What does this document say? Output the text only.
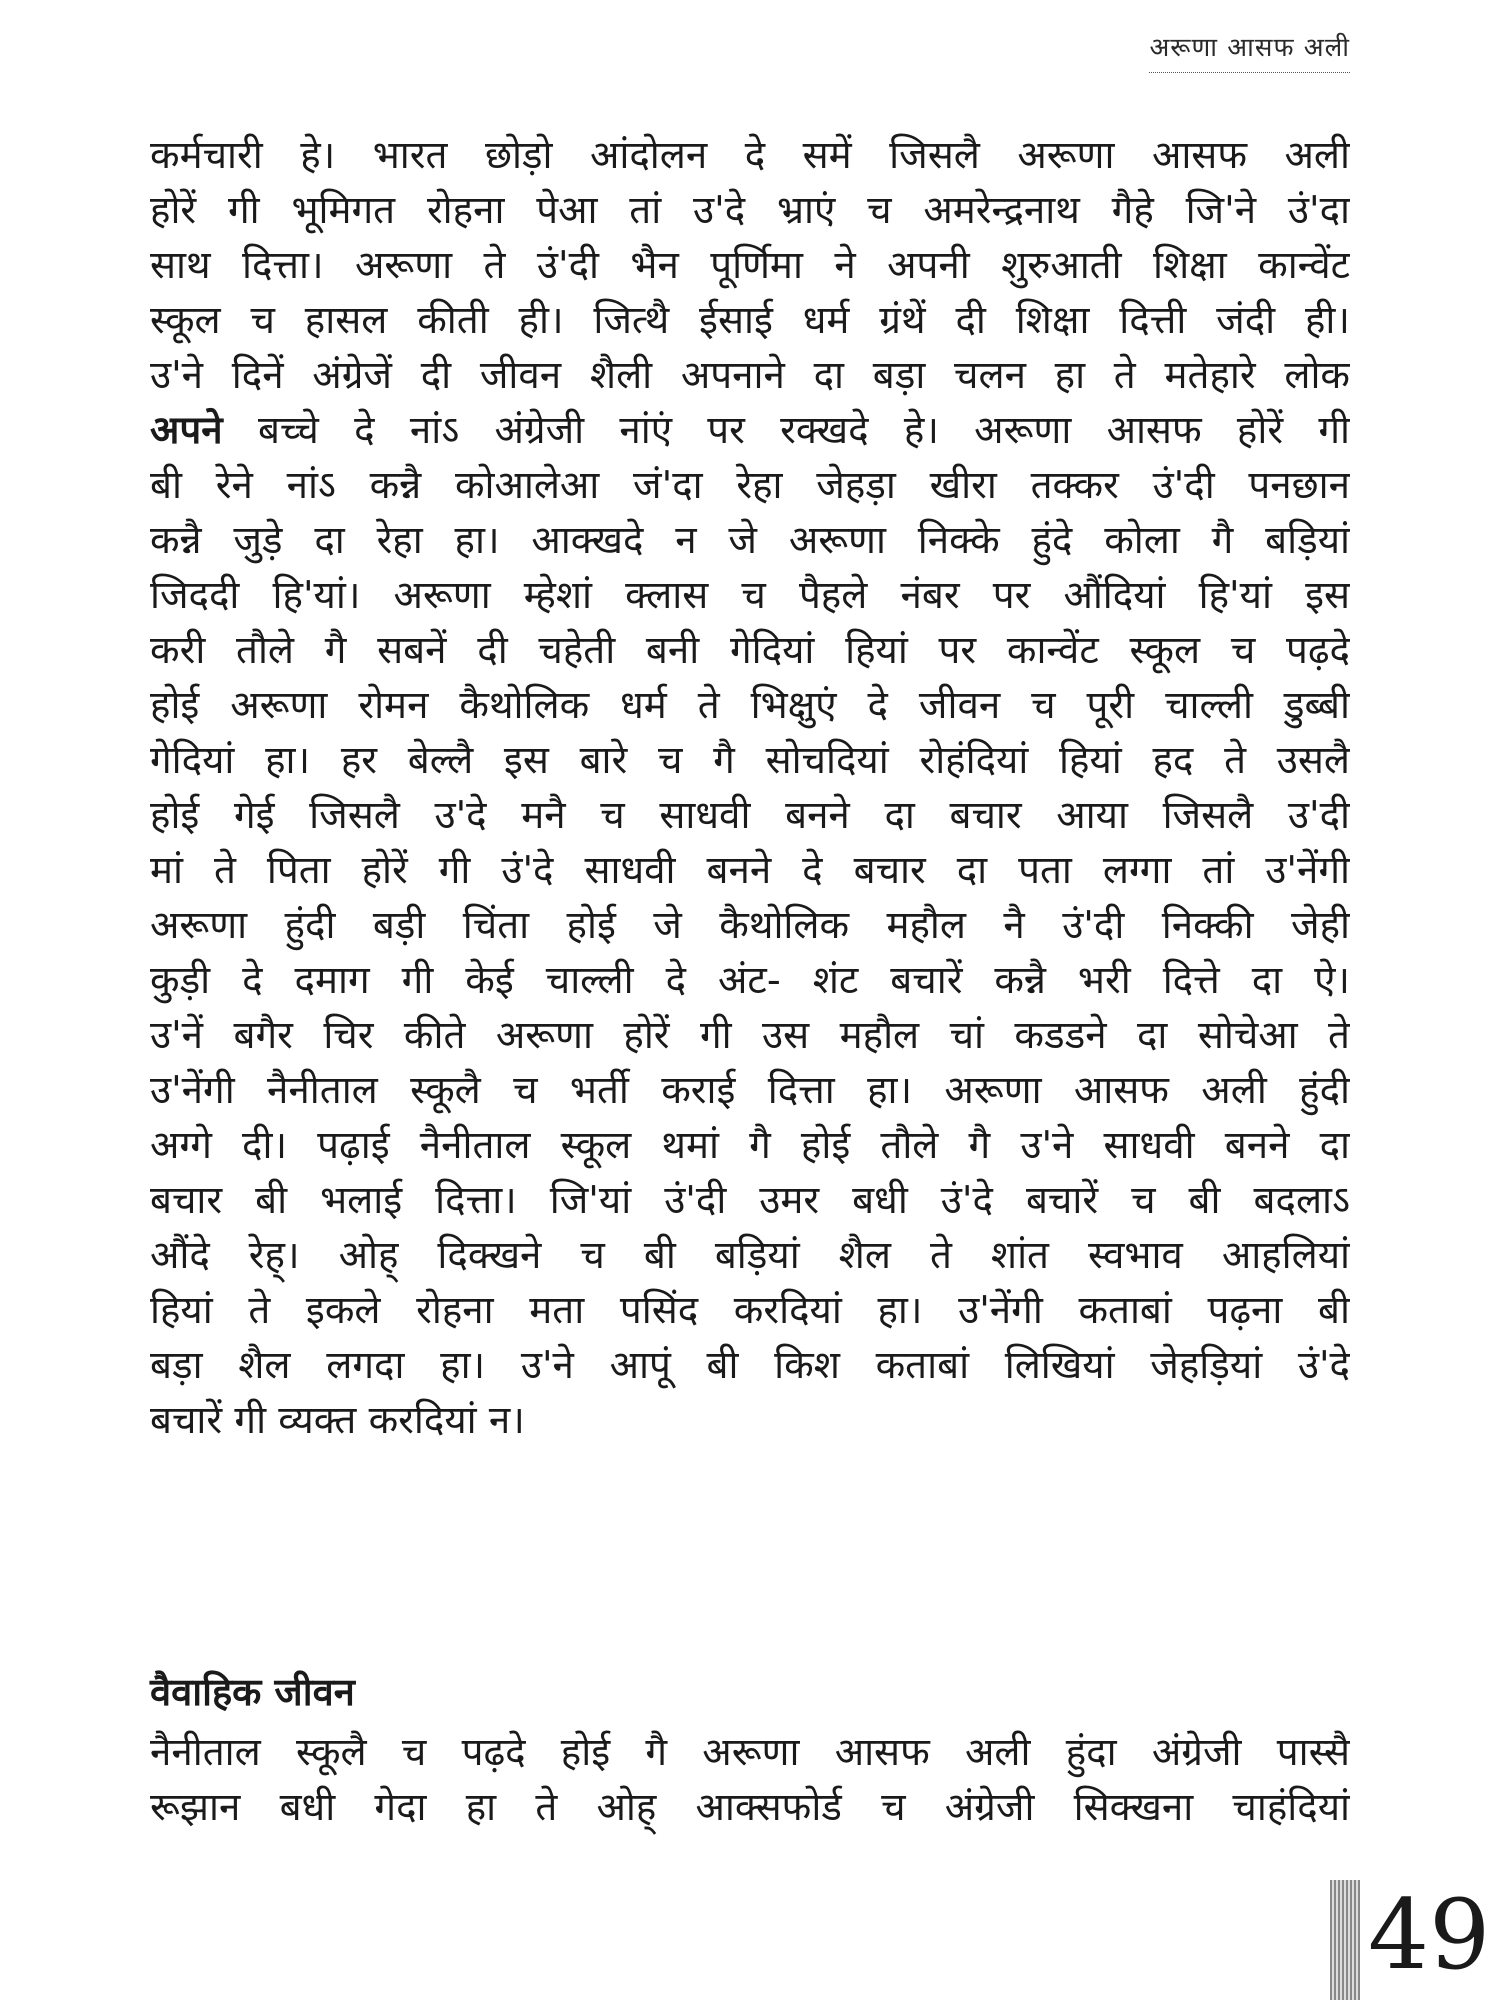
अरूणा आसफ अली
कर्मचारी हे। भारत छोड़ो आंदोलन दे समें जिसलै अरूणा आसफ अली
होरें गी भूमिगत रोहना पेआ तां उ'दे भ्राएं च अमरेन्द्रनाथ गैहे जि'ने उं'दा
साथ दित्ता। अरूणा ते उं'दी भैन पूर्णिमा ने अपनी शुरुआती शिक्षा कान्वेंट
स्कूल च हासल कीती ही। जित्थै ईसाई धर्म ग्रंथें दी शिक्षा दित्ती जंदी ही।
उ'ने दिनें अंग्रेजें दी जीवन शैली अपनाने दा बड़ा चलन हा ते मतेहारे लोक
अपने बच्चे दे नांऽ अंग्रेजी नांएं पर रक्खदे हे। अरूणा आसफ होरें गी
बी रेने नांऽ कन्नै कोआलेआ जं'दा रेहा जेहड़ा खीरा तक्कर उं'दी पनछान
कन्नै जुड़े दा रेहा हा। आक्खदे न जे अरूणा निक्के हुंदे कोला गै बड़ियां
जिददी हि'यां। अरूणा म्हेशां क्लास च पैहले नंबर पर औंदियां हि'यां इस
करी तौले गै सबनें दी चहेती बनी गेदियां हियां पर कान्वेंट स्कूल च पढ़दे
होई अरूणा रोमन कैथोलिक धर्म ते भिक्षुएं दे जीवन च पूरी चाल्ली डुब्बी
गेदियां हा। हर बेल्लै इस बारे च गै सोचदियां रोहंदियां हियां हद ते उसलै
होई गेई जिसलै उ'दे मनै च साधवी बनने दा बचार आया जिसलै उ'दी
मां ते पिता होरें गी उं'दे साधवी बनने दे बचार दा पता लग्गा तां उ'नेंगी
अरूणा हुंदी बड़ी चिंता होई जे कैथोलिक महौल नै उं'दी निक्की जेही
कुड़ी दे दमाग गी केई चाल्ली दे अंट- शंट बचारें कन्नै भरी दित्ते दा ऐ।
उ'नें बगैर चिर कीते अरूणा होरें गी उस महौल चां कडडने दा सोचेआ ते
उ'नेंगी नैनीताल स्कूलै च भर्ती कराई दित्ता हा। अरूणा आसफ अली हुंदी
अग्गे दी। पढ़ाई नैनीताल स्कूल थमां गै होई तौले गै उ'ने साधवी बनने दा
बचार बी भलाई दित्ता। जि'यां उं'दी उमर बधी उं'दे बचारें च बी बदलाऽ
औंदे रेह्। ओह् दिक्खने च बी बड़ियां शैल ते शांत स्वभाव आहलियां
हियां ते इकले रोहना मता पसिंद करदियां हा। उ'नेंगी कताबां पढ़ना बी
बड़ा शैल लगदा हा। उ'ने आपूं बी किश कताबां लिखियां जेहड़ियां उं'दे
बचारें गी व्यक्त करदियां न।
वैवाहिक जीवन
नैनीताल स्कूलै च पढ़दे होई गै अरूणा आसफ अली हुंदा अंग्रेजी पास्सै
रूझान बधी गेदा हा ते ओह् आक्सफोर्ड च अंग्रेजी सिक्खना चाहंदियां
49
